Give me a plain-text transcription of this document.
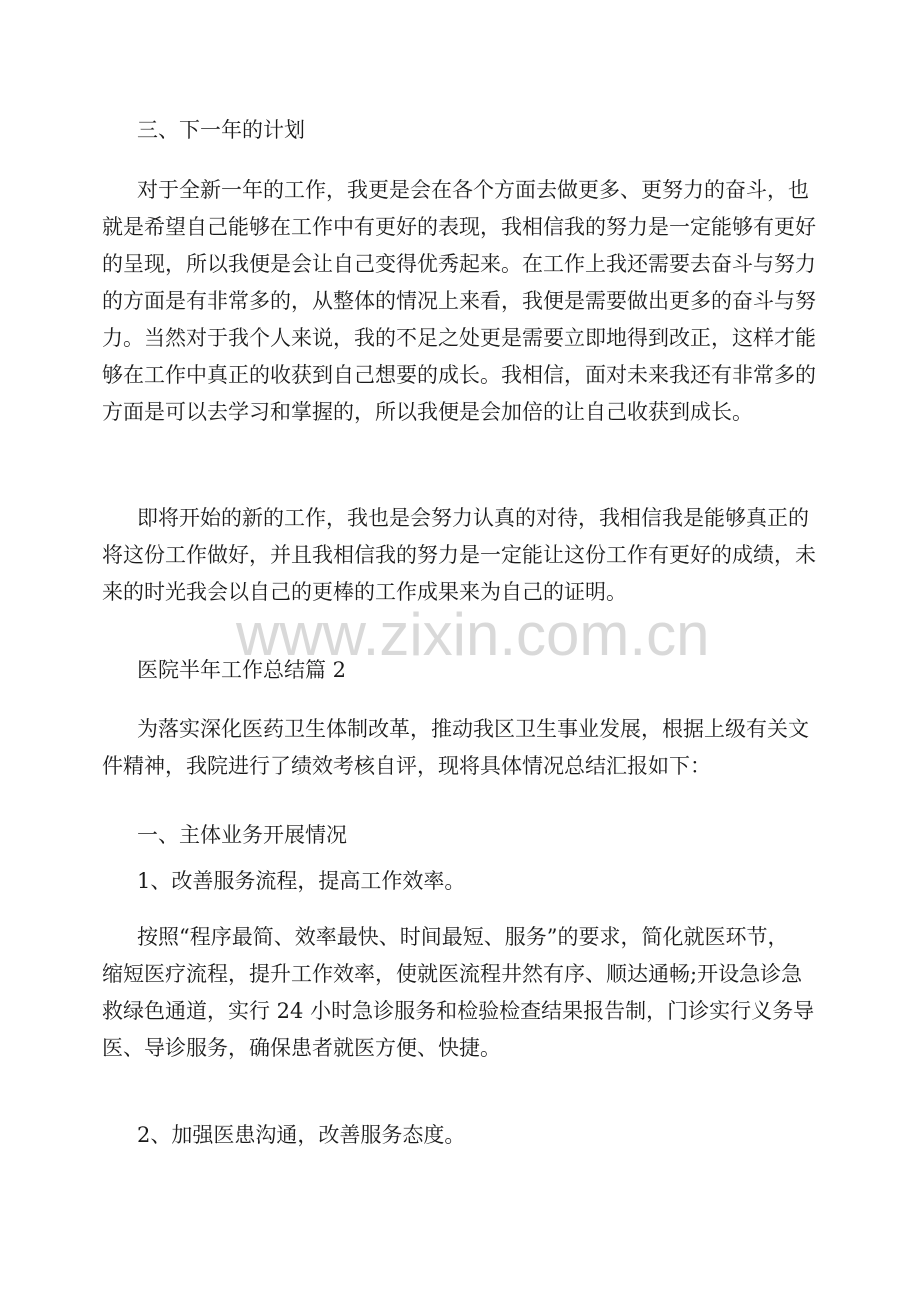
三、下一年的计划
对于全新一年的工作，我更是会在各个方面去做更多、更努力的奋斗，也
就是希望自己能够在工作中有更好的表现，我相信我的努力是一定能够有更好
的呈现，所以我便是会让自己变得优秀起来。在工作上我还需要去奋斗与努力
的方面是有非常多的，从整体的情况上来看，我便是需要做出更多的奋斗与努
力。当然对于我个人来说，我的不足之处更是需要立即地得到改正，这样才能
够在工作中真正的收获到自己想要的成长。我相信，面对未来我还有非常多的
方面是可以去学习和掌握的，所以我便是会加倍的让自己收获到成长。
即将开始的新的工作，我也是会努力认真的对待，我相信我是能够真正的
将这份工作做好，并且我相信我的努力是一定能让这份工作有更好的成绩，未
来的时光我会以自己的更棒的工作成果来为自己的证明。
医院半年工作总结篇 2
为落实深化医药卫生体制改革，推动我区卫生事业发展，根据上级有关文
件精神，我院进行了绩效考核自评，现将具体情况总结汇报如下：
一、主体业务开展情况
1、改善服务流程，提高工作效率。
按照“程序最简、效率最快、时间最短、服务”的要求，简化就医环节，
缩短医疗流程，提升工作效率，使就医流程井然有序、顺达通畅;开设急诊急
救绿色通道，实行 24 小时急诊服务和检验检查结果报告制，门诊实行义务导
医、导诊服务，确保患者就医方便、快捷。
2、加强医患沟通，改善服务态度。
www.zixin.com.cn
